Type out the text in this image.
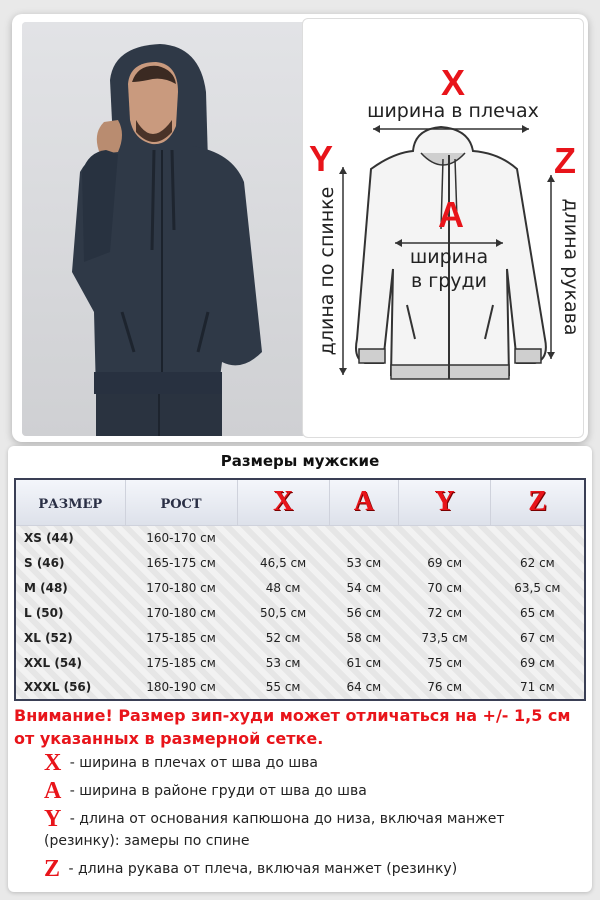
X
ширина в плечах
Y
длина по спинке	A
ширина
в груди
Z
длина рукава
Размеры мужские
РАЗМЕР	РОСТ	X	A	Y	Z
XS (44)	160-170 см				
S (46)	165-175 см	46,5 см	53 см	69 см	62 см
M (48)	170-180 см	48 см	54 см	70 см	63,5 см
L (50)	170-180 см	50,5 см	56 см	72 см	65 см
XL (52)	175-185 см	52 см	58 см	73,5 см	67 см
XXL (54)	175-185 см	53 см	61 см	75 см	69 см
XXXL (56)	180-190 см	55 см	64 см	76 см	71 см
Внимание! Размер зип-худи может отличаться на +/- 1,5 см от указанных в размерной сетке.
X - ширина в плечах от шва до шва
A - ширина в районе груди от шва до шва
Y - длина от основания капюшона до низа, включая манжет (резинку): замеры по спине
Z - длина рукава от плеча, включая манжет (резинку)
